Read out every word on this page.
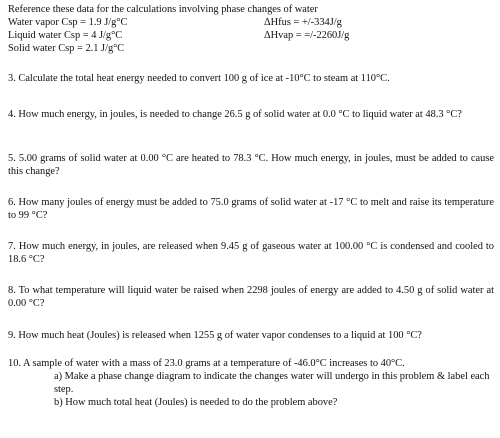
Reference these data for the calculations involving phase changes of water
Water vapor Csp = 1.9 J/g°C	ΔHfus = +/-334J/g
Liquid water Csp = 4 J/g°C	ΔHvap = =/-2260J/g
Solid water Csp = 2.1 J/g°C
3. Calculate the total heat energy needed to convert 100 g of ice at -10°C to steam at 110°C.
4. How much energy, in joules, is needed to change 26.5 g of solid water at 0.0 °C to liquid water at 48.3 °C?
5. 5.00 grams of solid water at 0.00 °C are heated to 78.3 °C. How much energy, in joules, must be added to cause this change?
6. How many joules of energy must be added to 75.0 grams of solid water at -17 °C to melt and raise its temperature to 99 °C?
7. How much energy, in joules, are released when 9.45 g of gaseous water at 100.00 °C is condensed and cooled to 18.6 °C?
8. To what temperature will liquid water be raised when 2298 joules of energy are added to 4.50 g of solid water at 0.00 °C?
9. How much heat (Joules) is released when 1255 g of water vapor condenses to a liquid at 100 °C?
10. A sample of water with a mass of 23.0 grams at a temperature of -46.0°C increases to 40°C.
a) Make a phase change diagram to indicate the changes water will undergo in this problem & label each step.
b) How much total heat (Joules) is needed to do the problem above?
